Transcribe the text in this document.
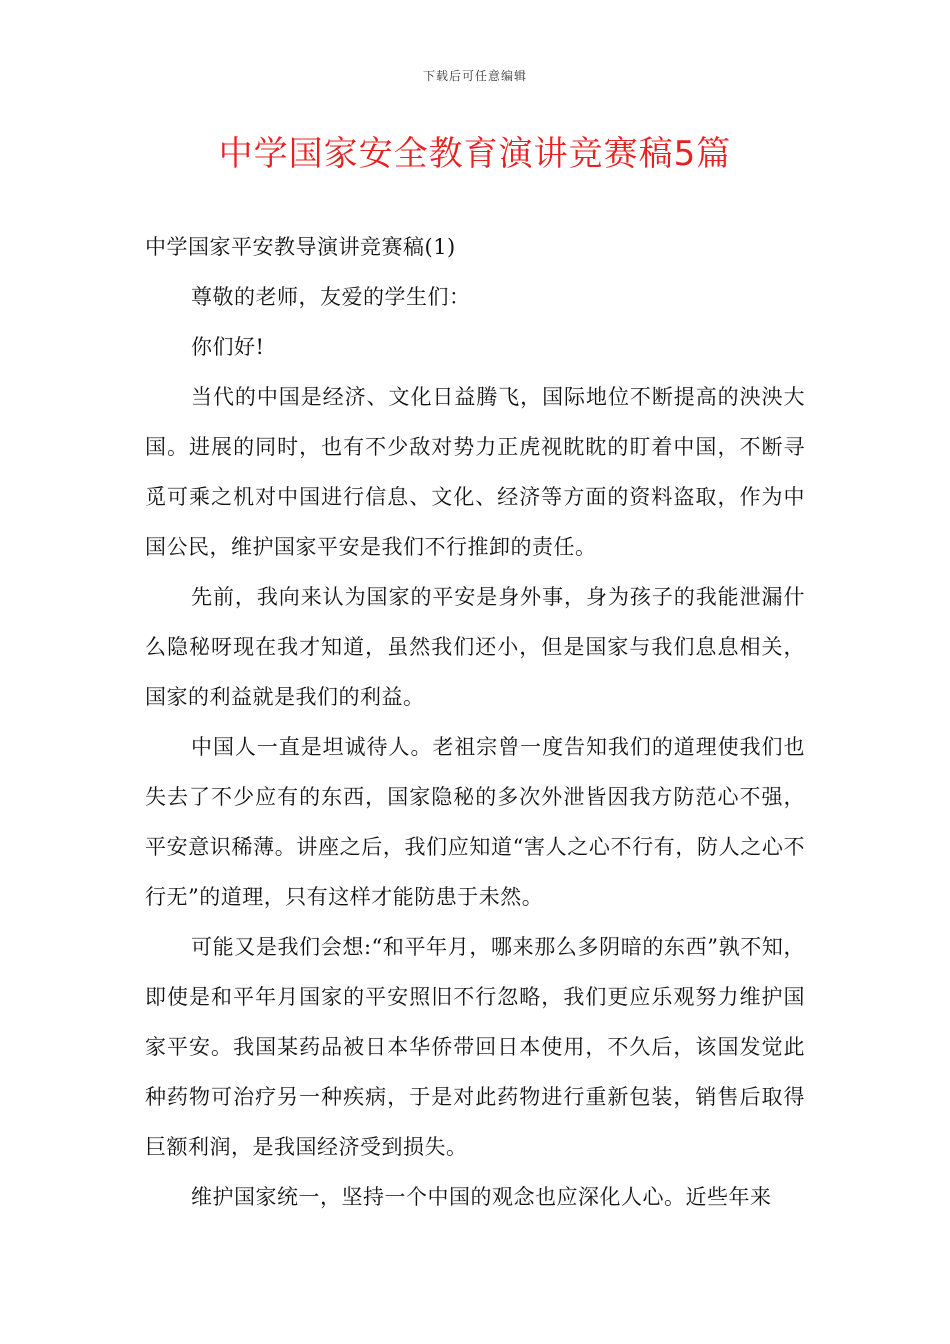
下载后可任意编辑
中学国家安全教育演讲竞赛稿5篇

中学国家平安教导演讲竞赛稿(1)

尊敬的老师，友爱的学生们：

你们好!

当代的中国是经济、文化日益腾飞，国际地位不断提高的泱泱大国。进展的同时，也有不少敌对势力正虎视眈眈的盯着中国，不断寻觅可乘之机对中国进行信息、文化、经济等方面的资料盗取，作为中国公民，维护国家平安是我们不行推卸的责任。

先前，我向来认为国家的平安是身外事，身为孩子的我能泄漏什么隐秘呀现在我才知道，虽然我们还小，但是国家与我们息息相关，国家的利益就是我们的利益。

中国人一直是坦诚待人。老祖宗曾一度告知我们的道理使我们也失去了不少应有的东西，国家隐秘的多次外泄皆因我方防范心不强，平安意识稀薄。讲座之后，我们应知道“害人之心不行有，防人之心不行无”的道理，只有这样才能防患于未然。

可能又是我们会想:“和平年月，哪来那么多阴暗的东西”孰不知，即使是和平年月国家的平安照旧不行忽略，我们更应乐观努力维护国家平安。我国某药品被日本华侨带回日本使用，不久后，该国发觉此种药物可治疗另一种疾病，于是对此药物进行重新包装，销售后取得巨额利润，是我国经济受到损失。

维护国家统一，坚持一个中国的观念也应深化人心。近些年来
